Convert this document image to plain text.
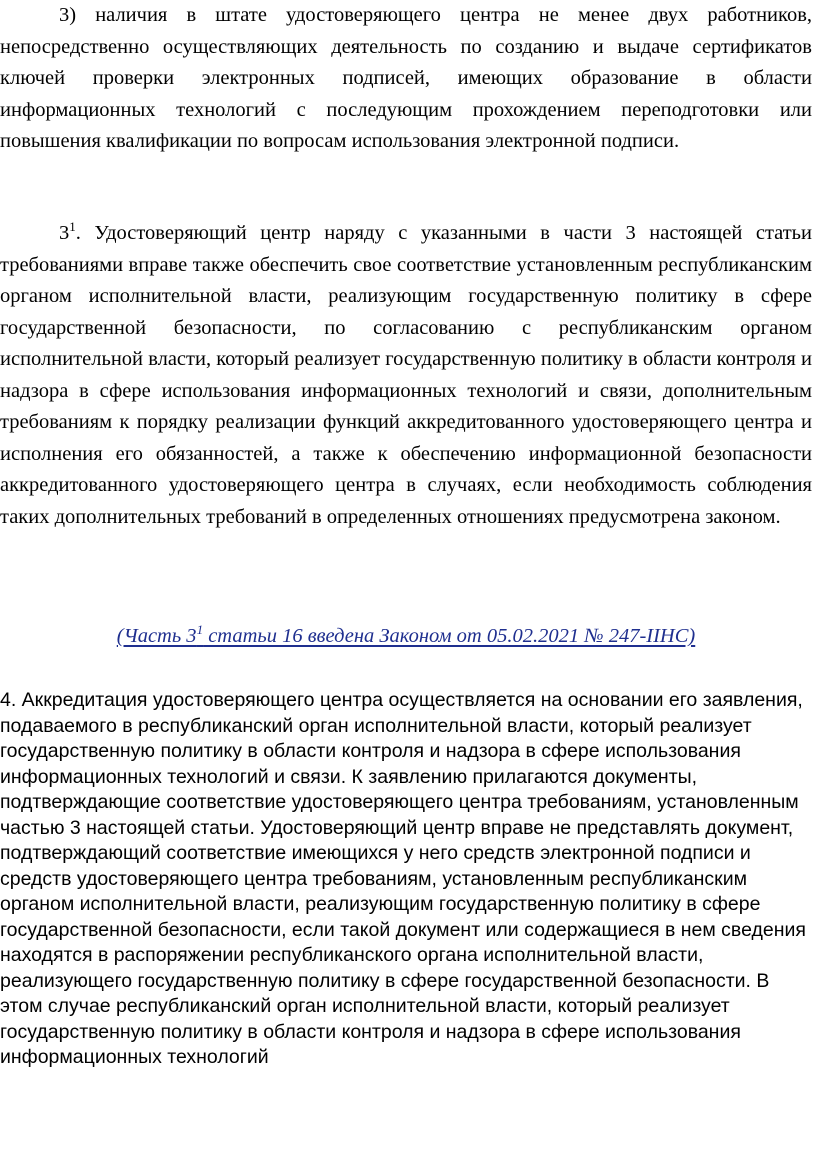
3) наличия в штате удостоверяющего центра не менее двух работников, непосредственно осуществляющих деятельность по созданию и выдаче сертификатов ключей проверки электронных подписей, имеющих образование в области информационных технологий с последующим прохождением переподготовки или повышения квалификации по вопросам использования электронной подписи.

$3^1$. Удостоверяющий центр наряду с указанными в части 3 настоящей статьи требованиями вправе также обеспечить свое соответствие установленным республиканским органом исполнительной власти, реализующим государственную политику в сфере государственной безопасности, по согласованию с республиканским органом исполнительной власти, который реализует государственную политику в области контроля и надзора в сфере использования информационных технологий и связи, дополнительным требованиям к порядку реализации функций аккредитованного удостоверяющего центра и исполнения его обязанностей, а также к обеспечению информационной безопасности аккредитованного удостоверяющего центра в случаях, если необходимость соблюдения таких дополнительных требований в определенных отношениях предусмотрена законом.

(Часть $3^1$ статьи 16 введена Законом от 05.02.2021 № 247-IIНС)

4. Аккредитация удостоверяющего центра осуществляется на основании его заявления, подаваемого в республиканский орган исполнительной власти, который реализует государственную политику в области контроля и надзора в сфере использования информационных технологий и связи. К заявлению прилагаются документы, подтверждающие соответствие удостоверяющего центра требованиям, установленным частью 3 настоящей статьи. Удостоверяющий центр вправе не представлять документ, подтверждающий соответствие имеющихся у него средств электронной подписи и средств удостоверяющего центра требованиям, установленным республиканским органом исполнительной власти, реализующим государственную политику в сфере государственной безопасности, если такой документ или содержащиеся в нем сведения находятся в распоряжении республиканского органа исполнительной власти, реализующего государственную политику в сфере государственной безопасности. В этом случае республиканский орган исполнительной власти, который реализует государственную политику в области контроля и надзора в сфере использования информационных технологий
